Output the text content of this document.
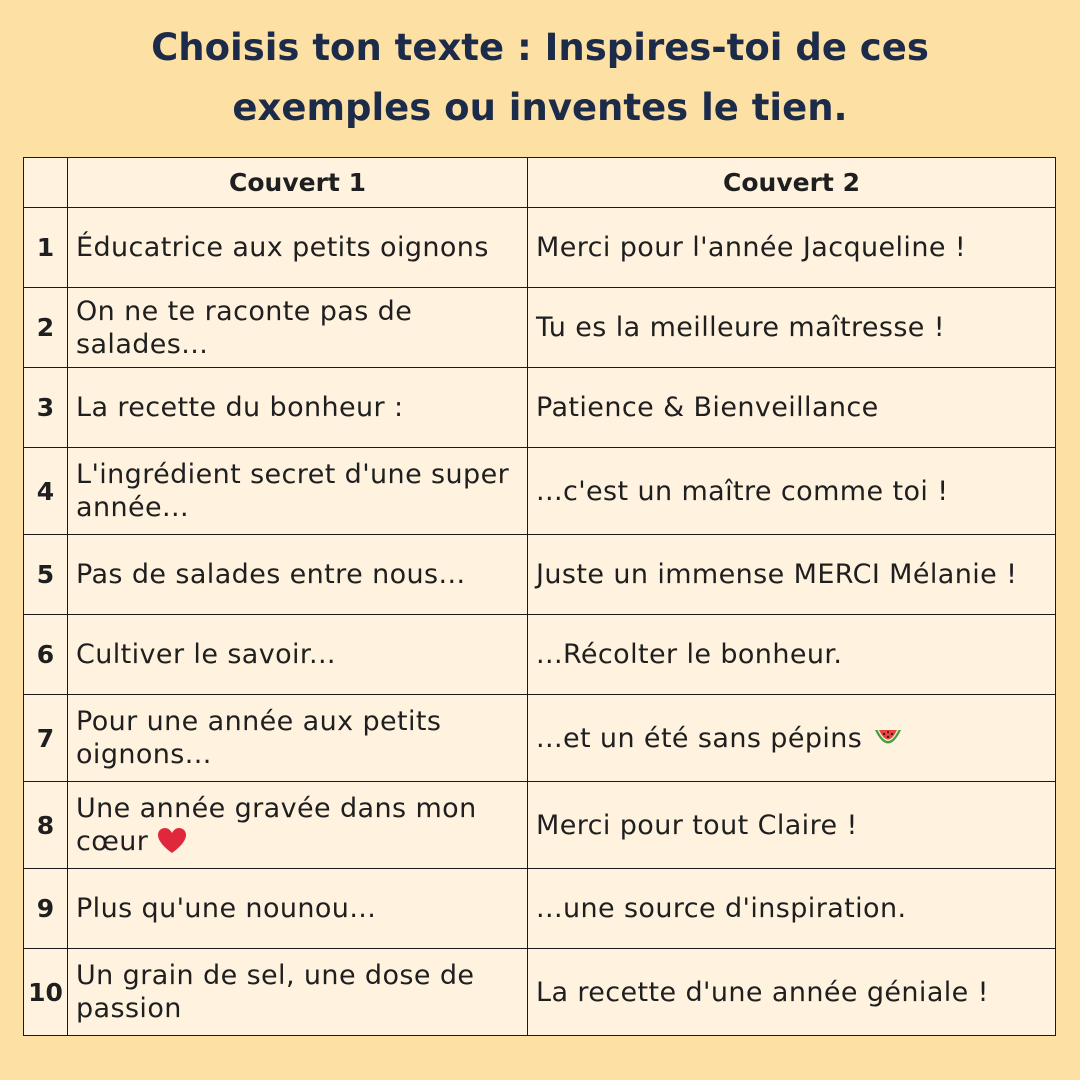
Choisis ton texte : Inspires-toi de ces exemples ou inventes le tien.
	Couvert 1	Couvert 2
1	Éducatrice aux petits oignons	Merci pour l'année Jacqueline !
2	On ne te raconte pas de salades...	Tu es la meilleure maîtresse !
3	La recette du bonheur :	Patience & Bienveillance
4	L'ingrédient secret d'une super année...	...c'est un maître comme toi !
5	Pas de salades entre nous...	Juste un immense MERCI Mélanie !
6	Cultiver le savoir...	...Récolter le bonheur.
7	Pour une année aux petits oignons...	...et un été sans pépins
8	Une année gravée dans mon cœur	Merci pour tout Claire !
9	Plus qu'une nounou...	...une source d'inspiration.
10	Un grain de sel, une dose de passion	La recette d'une année géniale !
